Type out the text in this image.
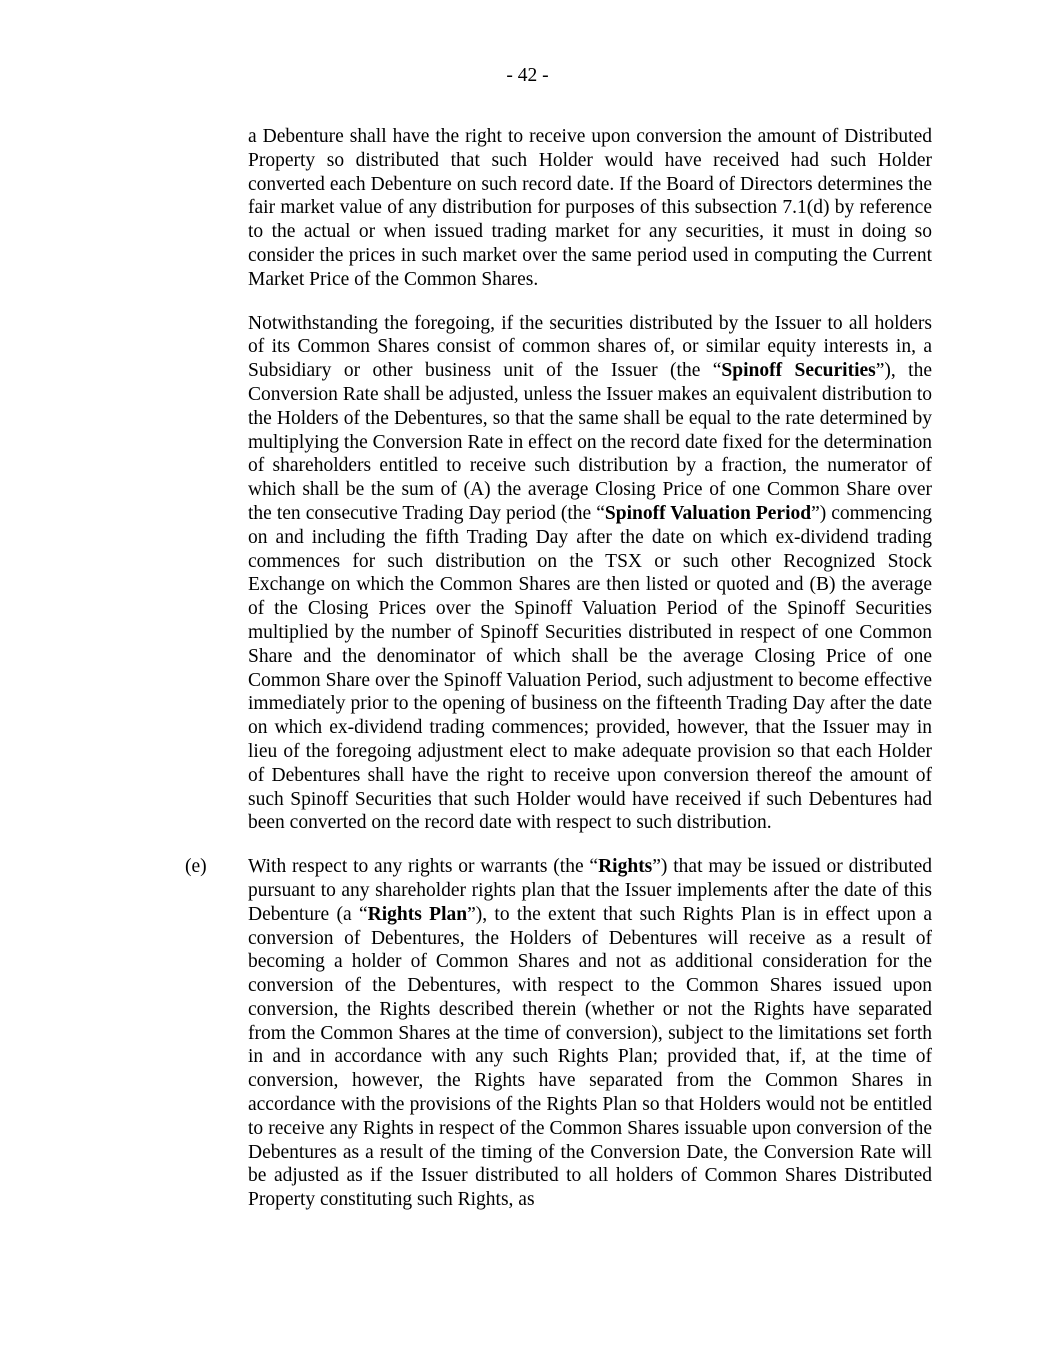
- 42 -

a Debenture shall have the right to receive upon conversion the amount of Distributed Property so distributed that such Holder would have received had such Holder converted each Debenture on such record date. If the Board of Directors determines the fair market value of any distribution for purposes of this subsection 7.1(d) by reference to the actual or when issued trading market for any securities, it must in doing so consider the prices in such market over the same period used in computing the Current Market Price of the Common Shares.

Notwithstanding the foregoing, if the securities distributed by the Issuer to all holders of its Common Shares consist of common shares of, or similar equity interests in, a Subsidiary or other business unit of the Issuer (the “Spinoff Securities”), the Conversion Rate shall be adjusted, unless the Issuer makes an equivalent distribution to the Holders of the Debentures, so that the same shall be equal to the rate determined by multiplying the Conversion Rate in effect on the record date fixed for the determination of shareholders entitled to receive such distribution by a fraction, the numerator of which shall be the sum of (A) the average Closing Price of one Common Share over the ten consecutive Trading Day period (the “Spinoff Valuation Period”) commencing on and including the fifth Trading Day after the date on which ex-dividend trading commences for such distribution on the TSX or such other Recognized Stock Exchange on which the Common Shares are then listed or quoted and (B) the average of the Closing Prices over the Spinoff Valuation Period of the Spinoff Securities multiplied by the number of Spinoff Securities distributed in respect of one Common Share and the denominator of which shall be the average Closing Price of one Common Share over the Spinoff Valuation Period, such adjustment to become effective immediately prior to the opening of business on the fifteenth Trading Day after the date on which ex-dividend trading commences; provided, however, that the Issuer may in lieu of the foregoing adjustment elect to make adequate provision so that each Holder of Debentures shall have the right to receive upon conversion thereof the amount of such Spinoff Securities that such Holder would have received if such Debentures had been converted on the record date with respect to such distribution.

(e) With respect to any rights or warrants (the “Rights”) that may be issued or distributed pursuant to any shareholder rights plan that the Issuer implements after the date of this Debenture (a “Rights Plan”), to the extent that such Rights Plan is in effect upon a conversion of Debentures, the Holders of Debentures will receive as a result of becoming a holder of Common Shares and not as additional consideration for the conversion of the Debentures, with respect to the Common Shares issued upon conversion, the Rights described therein (whether or not the Rights have separated from the Common Shares at the time of conversion), subject to the limitations set forth in and in accordance with any such Rights Plan; provided that, if, at the time of conversion, however, the Rights have separated from the Common Shares in accordance with the provisions of the Rights Plan so that Holders would not be entitled to receive any Rights in respect of the Common Shares issuable upon conversion of the Debentures as a result of the timing of the Conversion Date, the Conversion Rate will be adjusted as if the Issuer distributed to all holders of Common Shares Distributed Property constituting such Rights, as
